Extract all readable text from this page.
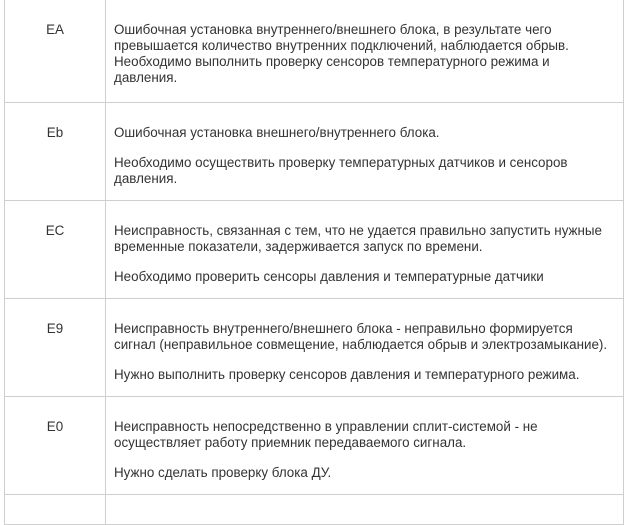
EA	Ошибочная установка внутреннего/внешнего блока, в результате чего превышается количество внутренних подключений, наблюдается обрыв. Необходимо выполнить проверку сенсоров температурного режима и давления.

Eb	Ошибочная установка внешнего/внутреннего блока.

Необходимо осуществить проверку температурных датчиков и сенсоров давления.

EC	Неисправность, связанная с тем, что не удается правильно запустить нужные временные показатели, задерживается запуск по времени.

Необходимо проверить сенсоры давления и температурные датчики

E9	Неисправность внутреннего/внешнего блока - неправильно формируется сигнал (неправильное совмещение, наблюдается обрыв и электрозамыкание).

Нужно выполнить проверку сенсоров давления и температурного режима.

E0	Неисправность непосредственно в управлении сплит-системой - не осуществляет работу приемник передаваемого сигнала.

Нужно сделать проверку блока ДУ.
